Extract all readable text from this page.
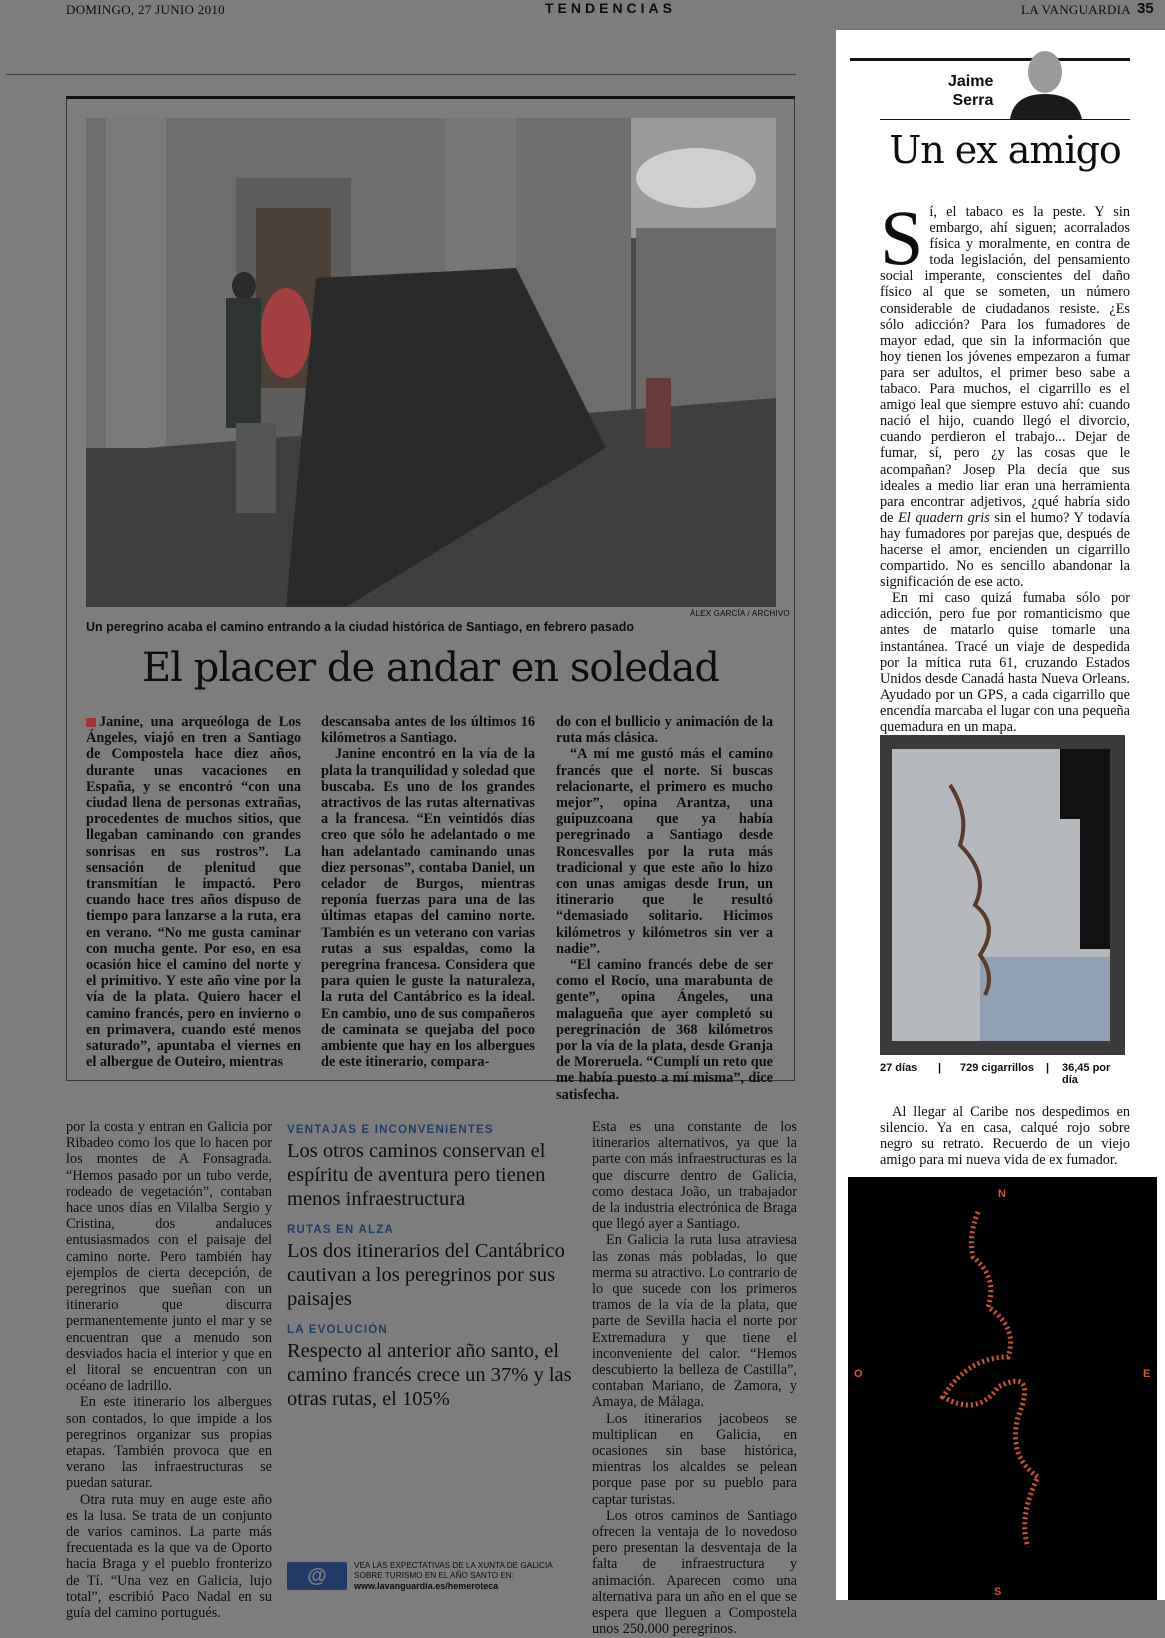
DOMINGO, 27 JUNIO 2010	TENDENCIAS	LA VANGUARDIA 35
ÀLEX GARCÍA / ARCHIVO
Un peregrino acaba el camino entrando a la ciudad histórica de Santiago, en febrero pasado
El placer de andar en soledad

Janine, una arqueóloga de Los Ángeles, viajó en tren a Santiago de Compostela hace diez años, durante unas vacaciones en España, y se encontró “con una ciudad llena de personas extrañas, procedentes de muchos sitios, que llegaban caminando con grandes sonrisas en sus rostros”. La sensación de plenitud que transmitían le impactó. Pero cuando hace tres años dispuso de tiempo para lanzarse a la ruta, era en verano. “No me gusta caminar con mucha gente. Por eso, en esa ocasión hice el camino del norte y el primitivo. Y este año vine por la vía de la plata. Quiero hacer el camino francés, pero en invierno o en primavera, cuando esté menos saturado”, apuntaba el viernes en el albergue de Outeiro, mientras

descansaba antes de los últimos 16 kilómetros a Santiago.

Janine encontró en la vía de la plata la tranquilidad y soledad que buscaba. Es uno de los grandes atractivos de las rutas alternativas a la francesa. “En veintidós días creo que sólo he adelantado o me han adelantado caminando unas diez personas”, contaba Daniel, un celador de Burgos, mientras reponía fuerzas para una de las últimas etapas del camino norte. También es un veterano con varias rutas a sus espaldas, como la peregrina francesa. Considera que para quien le guste la naturaleza, la ruta del Cantábrico es la ideal. En cambio, uno de sus compañeros de caminata se quejaba del poco ambiente que hay en los albergues de este itinerario, compara-

do con el bullicio y animación de la ruta más clásica.

“A mí me gustó más el camino francés que el norte. Si buscas relacionarte, el primero es mucho mejor”, opina Arantza, una guipuzcoana que ya había peregrinado a Santiago desde Roncesvalles por la ruta más tradicional y que este año lo hizo con unas amigas desde Irun, un itinerario que le resultó “demasiado solitario. Hicimos kilómetros y kilómetros sin ver a nadie”.

“El camino francés debe de ser como el Rocío, una marabunta de gente”, opina Ángeles, una malagueña que ayer completó su peregrinación de 368 kilómetros por la vía de la plata, desde Granja de Moreruela. “Cumplí un reto que me había puesto a mí misma”, dice satisfecha.

por la costa y entran en Galicia por Ribadeo como los que lo hacen por los montes de A Fonsagrada. “Hemos pasado por un tubo verde, rodeado de vegetación”, contaban hace unos días en Vilalba Sergio y Cristina, dos andaluces entusiasmados con el paisaje del camino norte. Pero también hay ejemplos de cierta decepción, de peregrinos que sueñan con un itinerario que discurra permanentemente junto el mar y se encuentran que a menudo son desviados hacia el interior y que en el litoral se encuentran con un océano de ladrillo.

En este itinerario los albergues son contados, lo que impide a los peregrinos organizar sus propias etapas. También provoca que en verano las infraestructuras se puedan saturar.

Otra ruta muy en auge este año es la lusa. Se trata de un conjunto de varios caminos. La parte más frecuentada es la que va de Oporto hacia Braga y el pueblo fronterizo de Tí. “Una vez en Galicia, lujo total”, escribió Paco Nadal en su guía del camino portugués.

VENTAJAS E INCONVENIENTES
Los otros caminos conservan el espíritu de aventura pero tienen menos infraestructura
RUTAS EN ALZA
Los dos itinerarios del Cantábrico cautivan a los peregrinos por sus paisajes
LA EVOLUCIÓN
Respecto al anterior año santo, el camino francés crece un 37% y las otras rutas, el 105%
@	VEA LAS EXPECTATIVAS DE LA XUNTA DE GALICIA SOBRE TURISMO EN EL AÑO SANTO EN:
www.lavanguardia.es/hemeroteca

Esta es una constante de los itinerarios alternativos, ya que la parte con más infraestructuras es la que discurre dentro de Galicia, como destaca João, un trabajador de la industria electrónica de Braga que llegó ayer a Santiago.

En Galicia la ruta lusa atraviesa las zonas más pobladas, lo que merma su atractivo. Lo contrario de lo que sucede con los primeros tramos de la vía de la plata, que parte de Sevilla hacia el norte por Extremadura y que tiene el inconveniente del calor. “Hemos descubierto la belleza de Castilla”, contaban Mariano, de Zamora, y Amaya, de Málaga.

Los itinerarios jacobeos se multiplican en Galicia, en ocasiones sin base histórica, mientras los alcaldes se pelean porque pase por su pueblo para captar turistas.

Los otros caminos de Santiago ofrecen la ventaja de lo novedoso pero presentan la desventaja de la falta de infraestructura y animación. Aparecen como una alternativa para un año en el que se espera que lleguen a Compostela unos 250.000 peregrinos.

Jaime
Serra
Un ex amigo
S í, el tabaco es la peste. Y sin embargo, ahí siguen; acorralados física y moralmente, en contra de toda legislación, del pensamiento social imperante, conscientes del daño físico al que se someten, un número considerable de ciudadanos resiste. ¿Es sólo adicción? Para los fumadores de mayor edad, que sin la información que hoy tienen los jóvenes empezaron a fumar para ser adultos, el primer beso sabe a tabaco. Para muchos, el cigarrillo es el amigo leal que siempre estuvo ahí: cuando nació el hijo, cuando llegó el divorcio, cuando perdieron el trabajo... Dejar de fumar, sí, pero ¿y las cosas que le acompañan? Josep Pla decía que sus ideales a medio liar eran una herramienta para encontrar adjetivos, ¿qué habría sido de El quadern gris sin el humo? Y todavía hay fumadores por parejas que, después de hacerse el amor, encienden un cigarrillo compartido. No es sencillo abandonar la significación de ese acto.

En mi caso quizá fumaba sólo por adicción, pero fue por romanticismo que antes de matarlo quise tomarle una instantánea. Tracé un viaje de despedida por la mítica ruta 61, cruzando Estados Unidos desde Canadá hasta Nueva Orleans. Ayudado por un GPS, a cada cigarrillo que encendía marcaba el lugar con una pequeña quemadura en un mapa.

27 días | 729 cigarrillos | 36,45 por día

Al llegar al Caribe nos despedimos en silencio. Ya en casa, calqué rojo sobre negro su retrato. Recuerdo de un viejo amigo para mi nueva vida de ex fumador.

N
S
O	E
